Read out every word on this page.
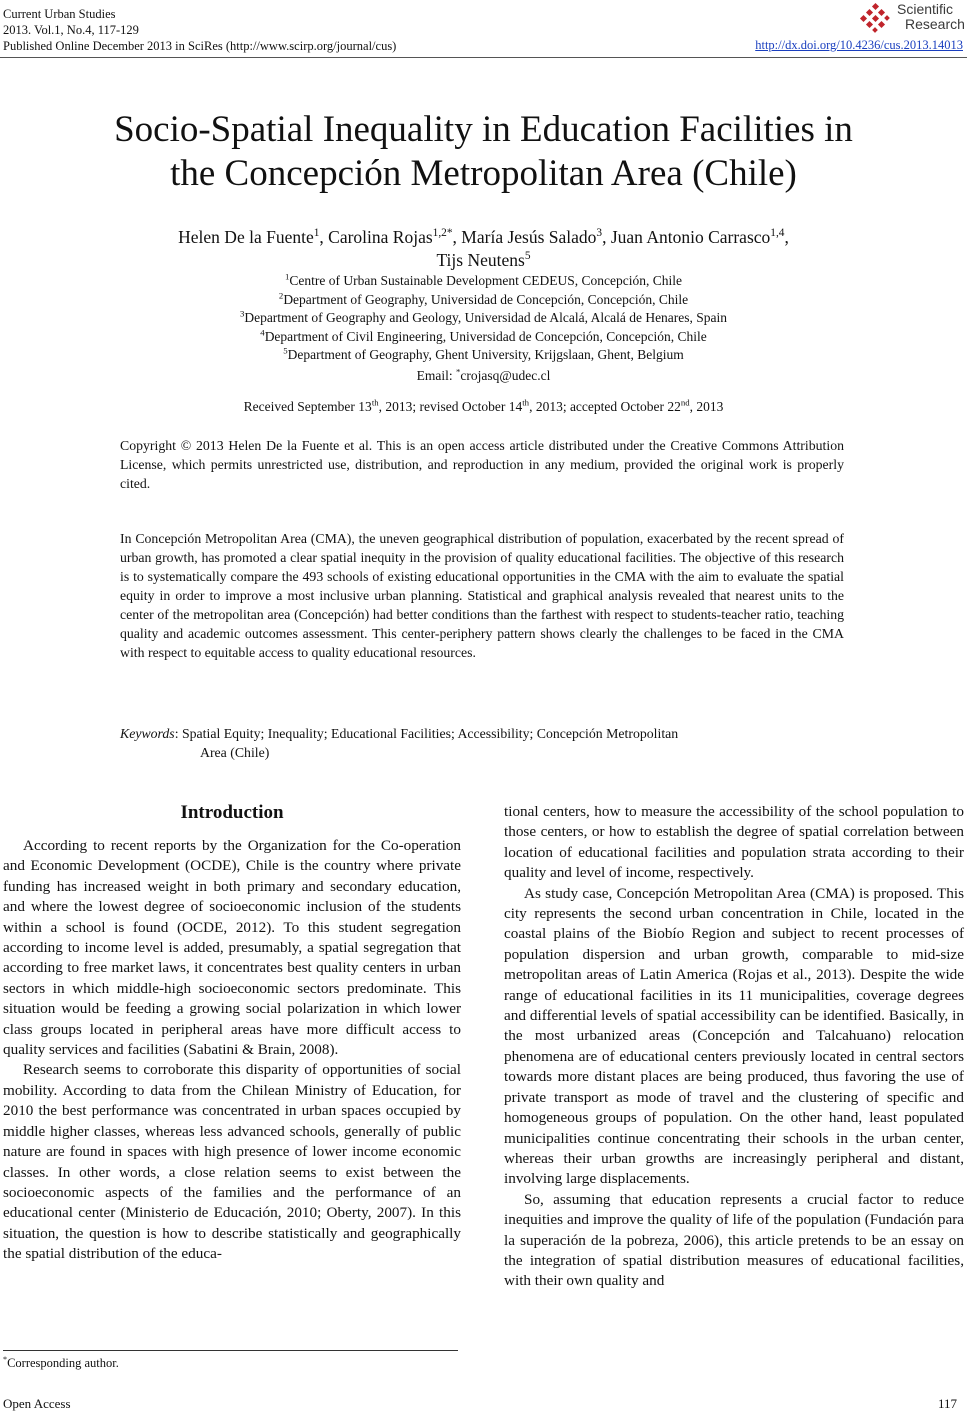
Current Urban Studies
2013. Vol.1, No.4, 117-129
Published Online December 2013 in SciRes (http://www.scirp.org/journal/cus)
Scientific
Research
http://dx.doi.org/10.4236/cus.2013.14013
Socio-Spatial Inequality in Education Facilities in
the Concepción Metropolitan Area (Chile)
Helen De la Fuente$^1$, Carolina Rojas$^{1,2*}$, María Jesús Salado$^3$, Juan Antonio Carrasco$^{1,4}$,
Tijs Neutens$^5$
$^1$Centre of Urban Sustainable Development CEDEUS, Concepción, Chile
$^2$Department of Geography, Universidad de Concepción, Concepción, Chile
$^3$Department of Geography and Geology, Universidad de Alcalá, Alcalá de Henares, Spain
$^4$Department of Civil Engineering, Universidad de Concepción, Concepción, Chile
$^5$Department of Geography, Ghent University, Krijgslaan, Ghent, Belgium
Email: *crojasq@udec.cl
Received September 13th, 2013; revised October 14th, 2013; accepted October 22nd, 2013
Copyright © 2013 Helen De la Fuente et al. This is an open access article distributed under the Creative Commons Attribution License, which permits unrestricted use, distribution, and reproduction in any medium, provided the original work is properly cited.
In Concepción Metropolitan Area (CMA), the uneven geographical distribution of population, exacerbated by the recent spread of urban growth, has promoted a clear spatial inequity in the provision of quality educational facilities. The objective of this research is to systematically compare the 493 schools of existing educational opportunities in the CMA with the aim to evaluate the spatial equity in order to improve a most inclusive urban planning. Statistical and graphical analysis revealed that nearest units to the center of the metropolitan area (Concepción) had better conditions than the farthest with respect to students-teacher ratio, teaching quality and academic outcomes assessment. This center-periphery pattern shows clearly the challenges to be faced in the CMA with respect to equitable access to quality educational resources.
Keywords: Spatial Equity; Inequality; Educational Facilities; Accessibility; Concepción Metropolitan
Area (Chile)
Introduction

According to recent reports by the Organization for the Co-operation and Economic Development (OCDE), Chile is the country where private funding has increased weight in both primary and secondary education, and where the lowest degree of socioeconomic inclusion of the students within a school is found (OCDE, 2012). To this student segregation according to income level is added, presumably, a spatial segregation that according to free market laws, it concentrates best quality centers in urban sectors in which middle-high socioeconomic sectors predominate. This situation would be feeding a growing social polarization in which lower class groups located in peripheral areas have more difficult access to quality services and facilities (Sabatini & Brain, 2008).

Research seems to corroborate this disparity of opportunities of social mobility. According to data from the Chilean Ministry of Education, for 2010 the best performance was concentrated in urban spaces occupied by middle higher classes, whereas less advanced schools, generally of public nature are found in spaces with high presence of lower income economic classes. In other words, a close relation seems to exist between the socioeconomic aspects of the families and the performance of an educational center (Ministerio de Educación, 2010; Oberty, 2007). In this situation, the question is how to describe statistically and geographically the spatial distribution of the educa-

tional centers, how to measure the accessibility of the school population to those centers, or how to establish the degree of spatial correlation between location of educational facilities and population strata according to their quality and level of income, respectively.

As study case, Concepción Metropolitan Area (CMA) is proposed. This city represents the second urban concentration in Chile, located in the coastal plains of the Biobío Region and subject to recent processes of population dispersion and urban growth, comparable to mid-size metropolitan areas of Latin America (Rojas et al., 2013). Despite the wide range of educational facilities in its 11 municipalities, coverage degrees and differential levels of spatial accessibility can be identified. Basically, in the most urbanized areas (Concepción and Talcahuano) relocation phenomena are of educational centers previously located in central sectors towards more distant places are being produced, thus favoring the use of private transport as mode of travel and the clustering of specific and homogeneous groups of population. On the other hand, least populated municipalities continue concentrating their schools in the urban center, whereas their urban growths are increasingly peripheral and distant, involving large displacements.

So, assuming that education represents a crucial factor to reduce inequities and improve the quality of life of the population (Fundación para la superación de la pobreza, 2006), this article pretends to be an essay on the integration of spatial distribution measures of educational facilities, with their own quality and

*Corresponding author.
Open Access	117
